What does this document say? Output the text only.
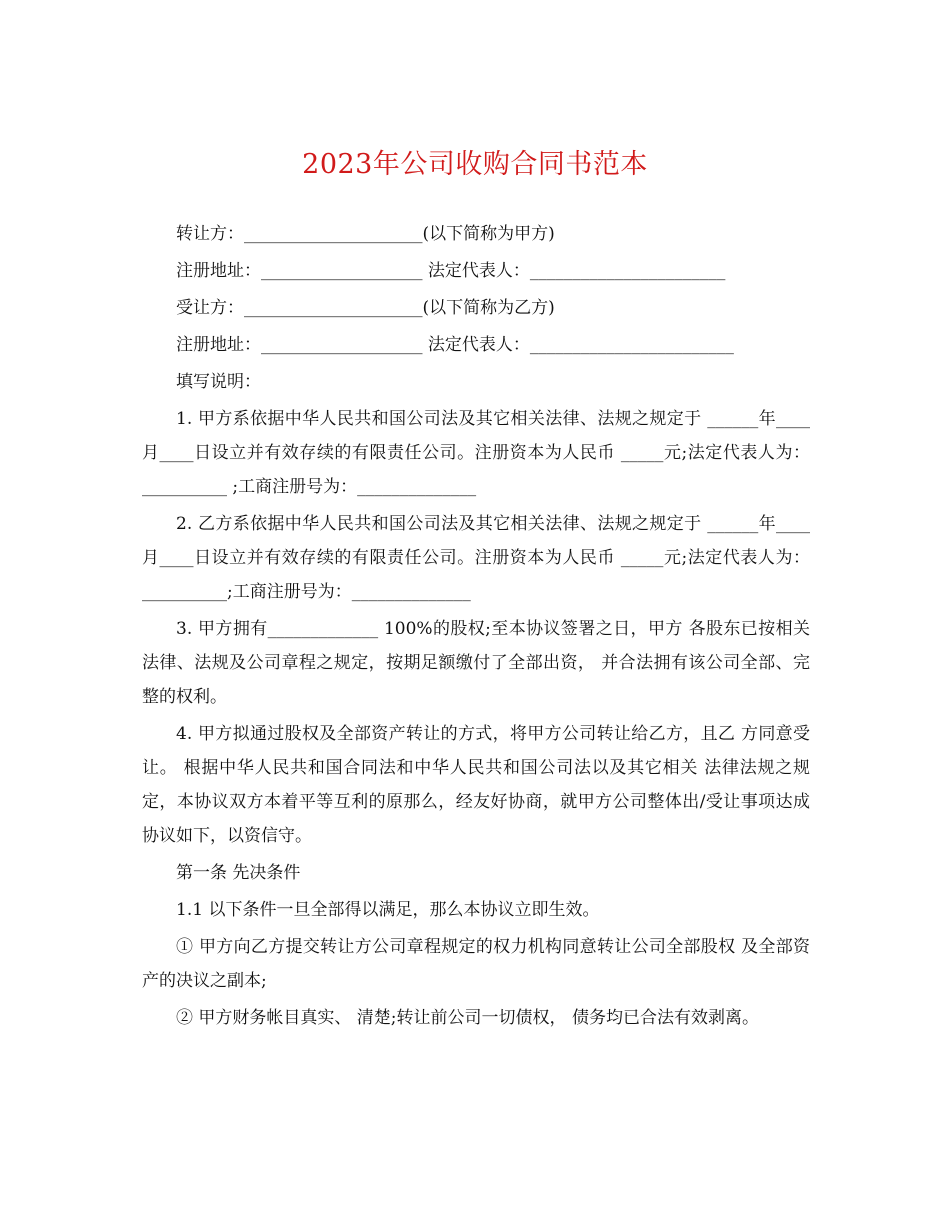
2023年公司收购合同书范本

转让方：_____________________(以下简称为甲方)

注册地址：___________________ 法定代表人：_______________________

受让方：_____________________(以下简称为乙方)

注册地址：___________________ 法定代表人：________________________

填写说明：

1. 甲方系依据中华人民共和国公司法及其它相关法律、法规之规定于 ______年____月____日设立并有效存续的有限责任公司。注册资本为人民币 _____元;法定代表人为：__________ ;工商注册号为：______________

2. 乙方系依据中华人民共和国公司法及其它相关法律、法规之规定于 ______年____月____日设立并有效存续的有限责任公司。注册资本为人民币 _____元;法定代表人为：__________;工商注册号为：______________

3. 甲方拥有_____________ 100%的股权;至本协议签署之日，甲方 各股东已按相关法律、法规及公司章程之规定，按期足额缴付了全部出资， 并合法拥有该公司全部、完整的权利。

4. 甲方拟通过股权及全部资产转让的方式，将甲方公司转让给乙方，且乙 方同意受让。 根据中华人民共和国合同法和中华人民共和国公司法以及其它相关 法律法规之规定，本协议双方本着平等互利的原那么，经友好协商，就甲方公司整体出/受让事项达成协议如下，以资信守。

第一条 先决条件

1.1 以下条件一旦全部得以满足，那么本协议立即生效。

① 甲方向乙方提交转让方公司章程规定的权力机构同意转让公司全部股权 及全部资产的决议之副本;

② 甲方财务帐目真实、 清楚;转让前公司一切债权， 债务均已合法有效剥离。
